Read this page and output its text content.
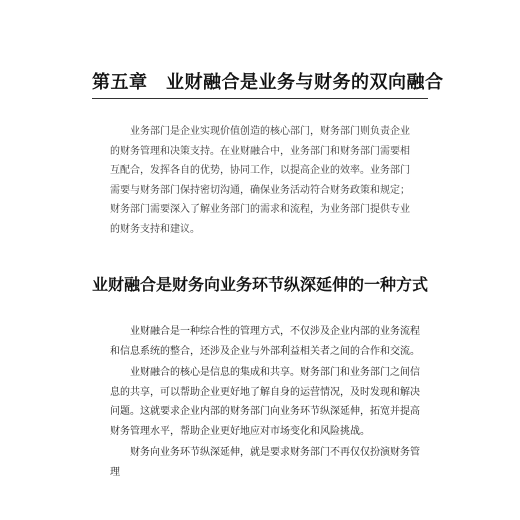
第五章　业财融合是业务与财务的双向融合

业务部门是企业实现价值创造的核心部门，财务部门则负责企业的财务管理和决策支持。在业财融合中，业务部门和财务部门需要相互配合，发挥各自的优势，协同工作，以提高企业的效率。业务部门需要与财务部门保持密切沟通，确保业务活动符合财务政策和规定；财务部门需要深入了解业务部门的需求和流程，为业务部门提供专业的财务支持和建议。

业财融合是财务向业务环节纵深延伸的一种方式

业财融合是一种综合性的管理方式，不仅涉及企业内部的业务流程和信息系统的整合，还涉及企业与外部利益相关者之间的合作和交流。

业财融合的核心是信息的集成和共享。财务部门和业务部门之间信息的共享，可以帮助企业更好地了解自身的运营情况，及时发现和解决问题。这就要求企业内部的财务部门向业务环节纵深延伸，拓宽并提高财务管理水平，帮助企业更好地应对市场变化和风险挑战。

财务向业务环节纵深延伸，就是要求财务部门不再仅仅扮演财务管理
